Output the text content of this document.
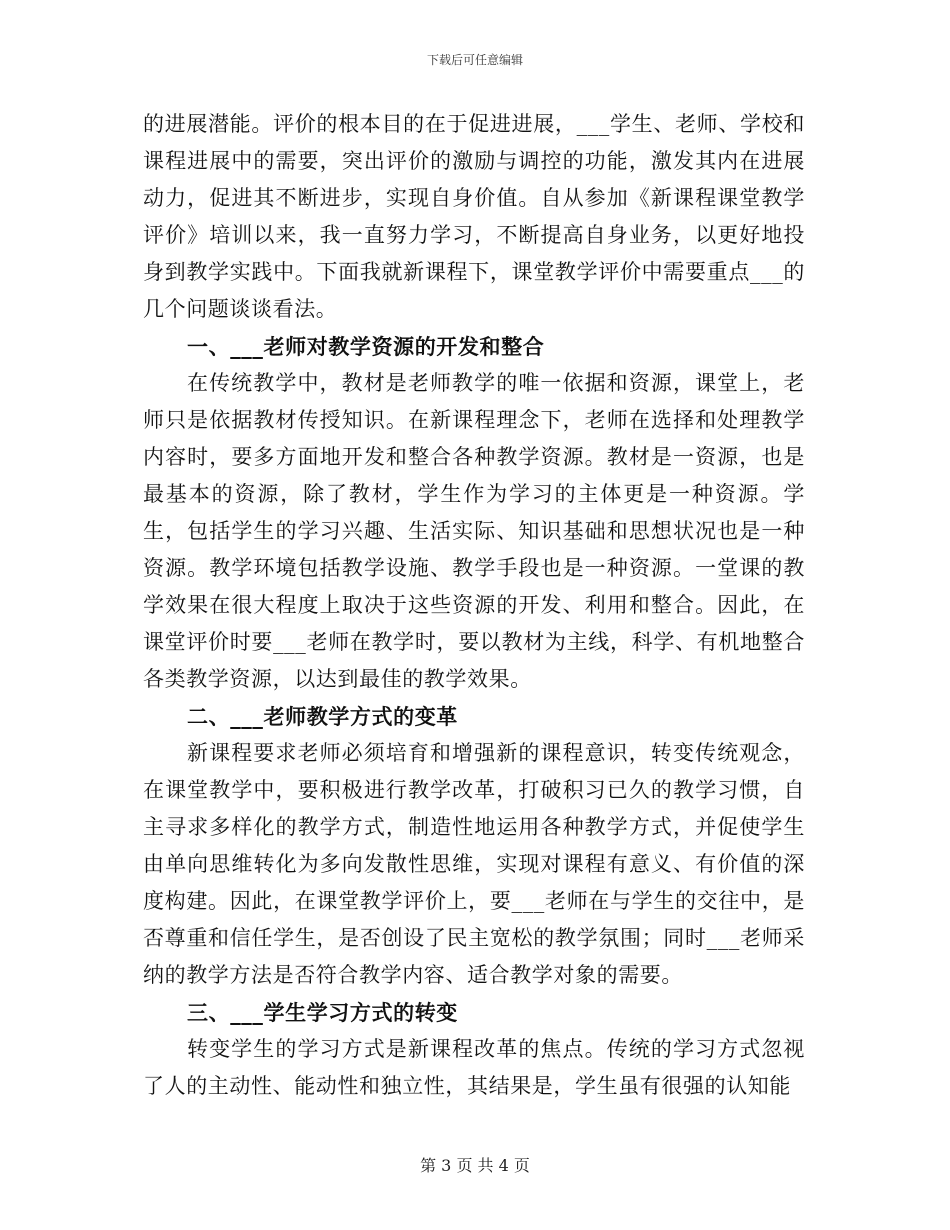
下载后可任意编辑

的进展潜能。评价的根本目的在于促进进展，___学生、老师、学校和课程进展中的需要，突出评价的激励与调控的功能，激发其内在进展动力，促进其不断进步，实现自身价值。自从参加《新课程课堂教学评价》培训以来，我一直努力学习，不断提高自身业务，以更好地投身到教学实践中。下面我就新课程下，课堂教学评价中需要重点___的几个问题谈谈看法。

一、___老师对教学资源的开发和整合

在传统教学中，教材是老师教学的唯一依据和资源，课堂上，老师只是依据教材传授知识。在新课程理念下，老师在选择和处理教学内容时，要多方面地开发和整合各种教学资源。教材是一资源，也是最基本的资源，除了教材，学生作为学习的主体更是一种资源。学生，包括学生的学习兴趣、生活实际、知识基础和思想状况也是一种资源。教学环境包括教学设施、教学手段也是一种资源。一堂课的教学效果在很大程度上取决于这些资源的开发、利用和整合。因此，在课堂评价时要___老师在教学时，要以教材为主线，科学、有机地整合各类教学资源，以达到最佳的教学效果。

二、___老师教学方式的变革

新课程要求老师必须培育和增强新的课程意识，转变传统观念，在课堂教学中，要积极进行教学改革，打破积习已久的教学习惯，自主寻求多样化的教学方式，制造性地运用各种教学方式，并促使学生由单向思维转化为多向发散性思维，实现对课程有意义、有价值的深度构建。因此，在课堂教学评价上，要___老师在与学生的交往中，是否尊重和信任学生，是否创设了民主宽松的教学氛围；同时___老师采纳的教学方法是否符合教学内容、适合教学对象的需要。

三、___学生学习方式的转变

转变学生的学习方式是新课程改革的焦点。传统的学习方式忽视了人的主动性、能动性和独立性，其结果是，学生虽有很强的认知能

第 3 页 共 4 页
